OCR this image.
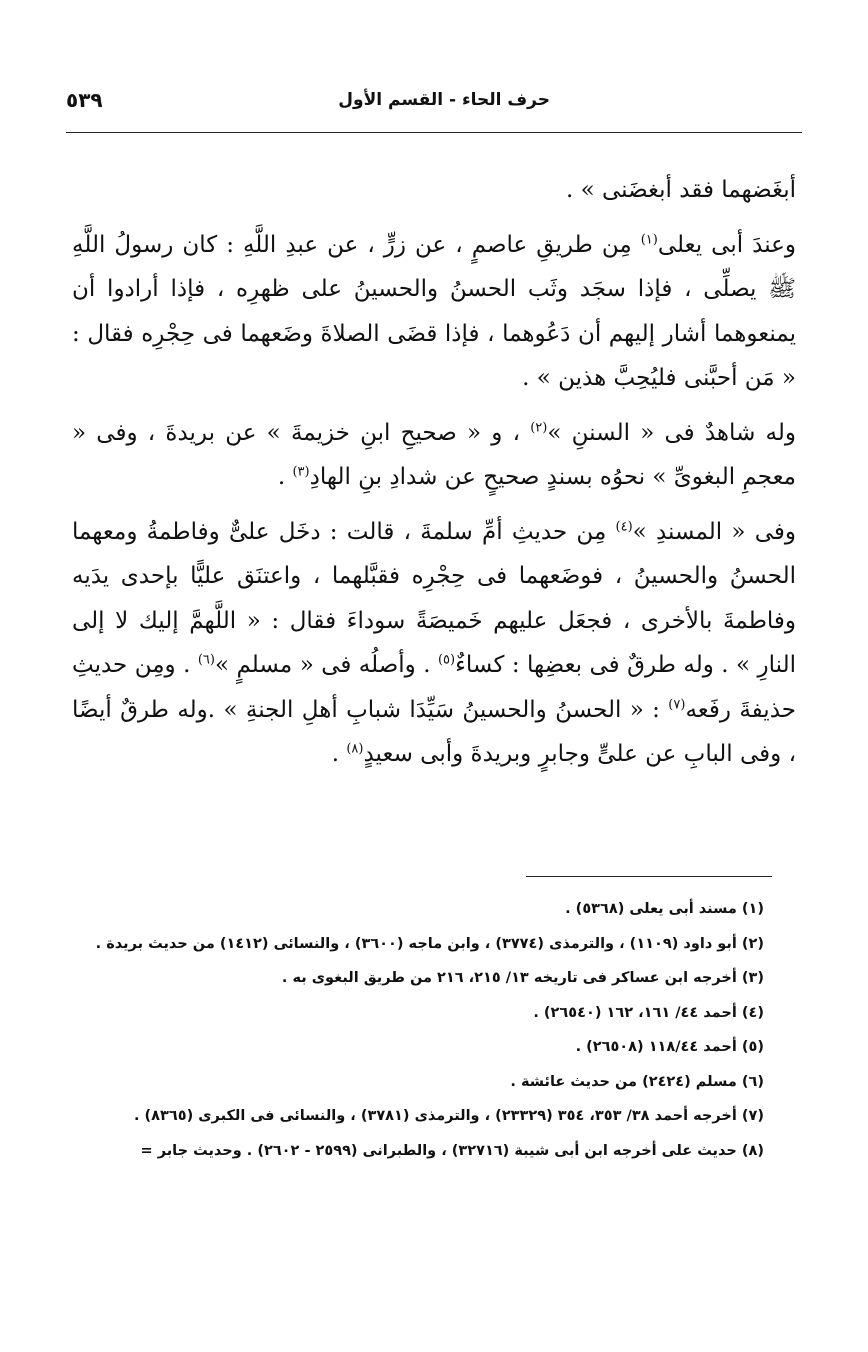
حرف الحاء - القسم الأول
٥٣٩

أبغَضهما فقد أبغضَنى » .

وعندَ أبى يعلى$^{(١)}$ مِن طريقِ عاصمٍ ، عن زرٍّ ، عن عبدِ اللَّهِ : كان رسولُ اللَّهِ ﷺ يصلِّى ، فإذا سجَد وثَب الحسنُ والحسينُ على ظهرِه ، فإذا أرادوا أن يمنعوهما أشار إليهم أن دَعُوهما ، فإذا قضَى الصلاةَ وضَعهما فى حِجْرِه فقال : « مَن أحبَّنى فليُحِبَّ هذين » .

وله شاهدٌ فى « السننِ »$^{(٢)}$ ، و « صحيحِ ابنِ خزيمةَ » عن بريدةَ ، وفى « معجمِ البغوىِّ » نحوُه بسندٍ صحيحٍ عن شدادِ بنِ الهادِ$^{(٣)}$ .

وفى « المسندِ »$^{(٤)}$ مِن حديثِ أمِّ سلمةَ ، قالت : دخَل علىٌّ وفاطمةُ ومعهما الحسنُ والحسينُ ، فوضَعهما فى حِجْرِه فقبَّلهما ، واعتنَق عليًّا بإحدى يدَيه وفاطمةَ بالأخرى ، فجعَل عليهم خَميصَةً سوداءَ فقال : « اللَّهمَّ إليك لا إلى النارِ » . وله طرقٌ فى بعضِها : كساءٌ$^{(٥)}$ . وأصلُه فى « مسلمٍ »$^{(٦)}$ . ومِن حديثِ حذيفةَ رفَعه$^{(٧)}$ : « الحسنُ والحسينُ سَيِّدَا شبابِ أهلِ الجنةِ » .وله طرقٌ أيضًا ، وفى البابِ عن علىٍّ وجابرٍ وبريدةَ وأبى سعيدٍ$^{(٨)}$ .

(١) مسند أبى يعلى (٥٣٦٨) .

(٢) أبو داود (١١٠٩) ، والترمذى (٣٧٧٤) ، وابن ماجه (٣٦٠٠) ، والنسائى (١٤١٢) من حديث بريدة .

(٣) أخرجه ابن عساكر فى تاريخه ١٣/ ٢١٥، ٢١٦ من طريق البغوى به .

(٤) أحمد ٤٤/ ١٦١، ١٦٢ (٢٦٥٤٠) .

(٥) أحمد ١١٨/٤٤ (٢٦٥٠٨) .

(٦) مسلم (٢٤٢٤) من حديث عائشة .

(٧) أخرجه أحمد ٣٨/ ٣٥٣، ٣٥٤ (٢٣٣٢٩) ، والترمذى (٣٧٨١) ، والنسائى فى الكبرى (٨٣٦٥) .

(٨) حديث على أخرجه ابن أبى شيبة (٣٢٧١٦) ، والطبرانى (٢٥٩٩ - ٢٦٠٢) . وحديث جابر =
